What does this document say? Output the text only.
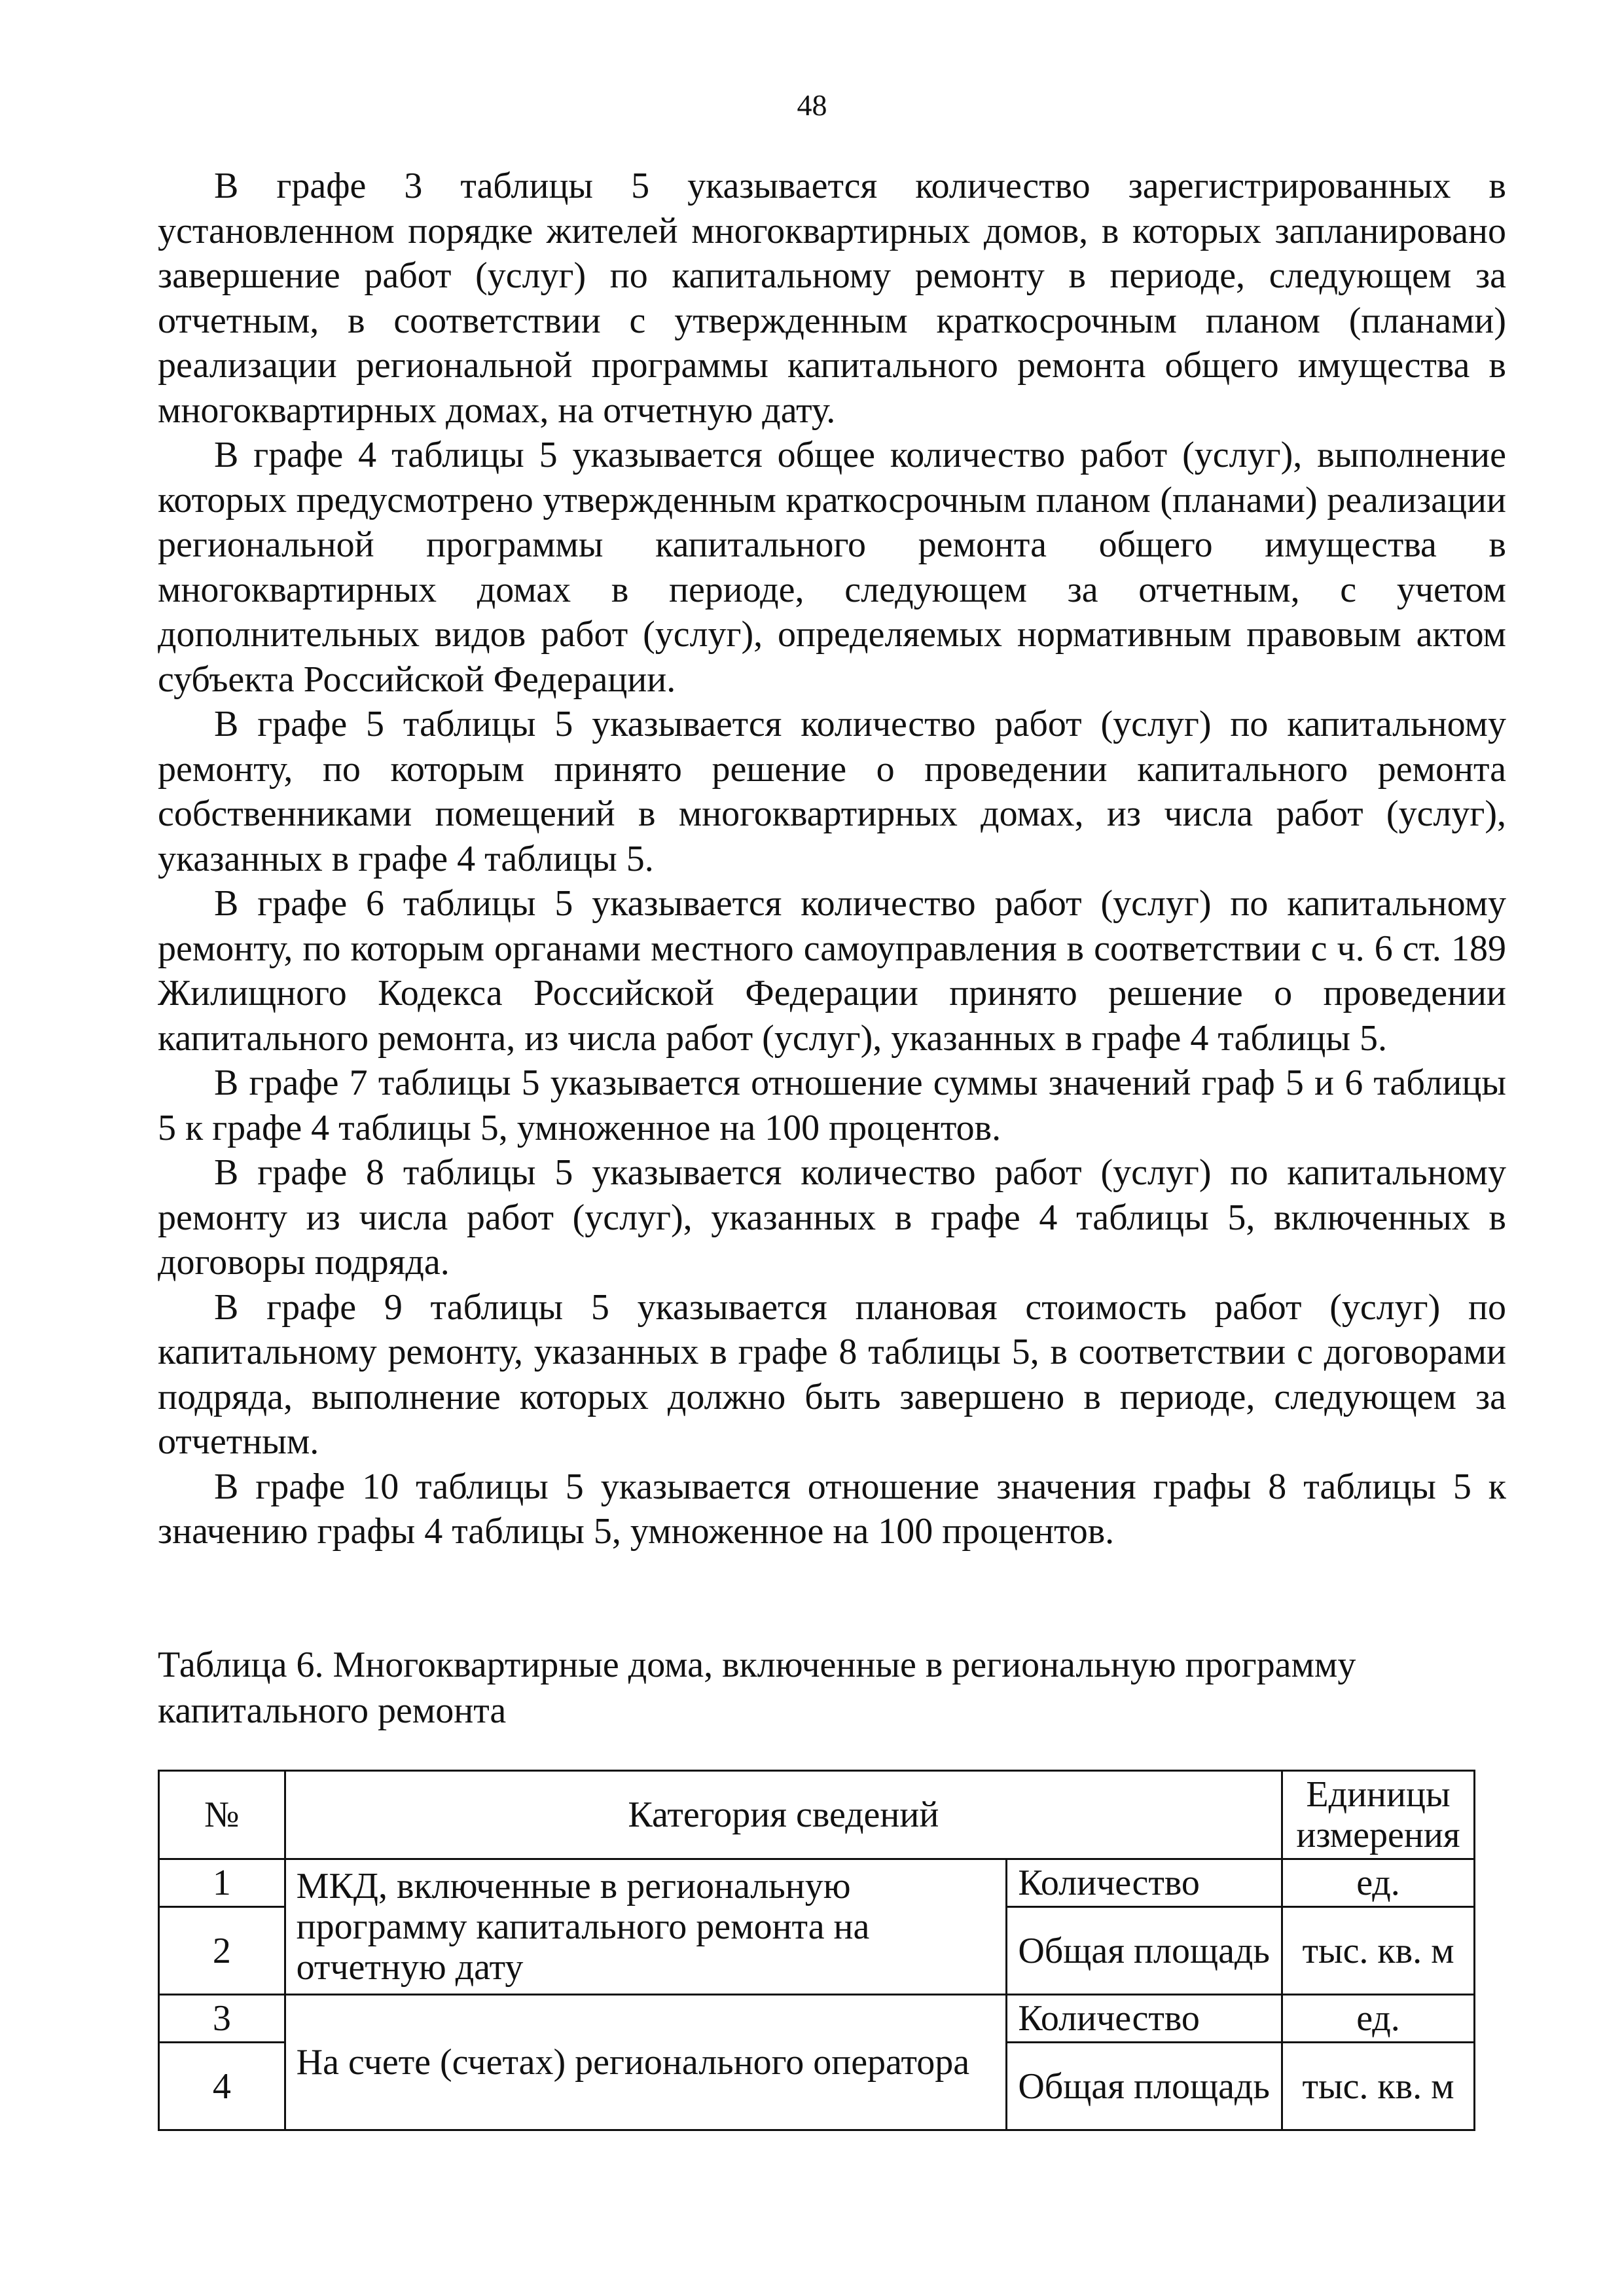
48

В графе 3 таблицы 5 указывается количество зарегистрированных в установленном порядке жителей многоквартирных домов, в которых запланировано завершение работ (услуг) по капитальному ремонту в периоде, следующем за отчетным, в соответствии с утвержденным краткосрочным планом (планами) реализации региональной программы капитального ремонта общего имущества в многоквартирных домах, на отчетную дату.

В графе 4 таблицы 5 указывается общее количество работ (услуг), выполнение которых предусмотрено утвержденным краткосрочным планом (планами) реализации региональной программы капитального ремонта общего имущества в многоквартирных домах в периоде, следующем за отчетным, с учетом дополнительных видов работ (услуг), определяемых нормативным правовым актом субъекта Российской Федерации.

В графе 5 таблицы 5 указывается количество работ (услуг) по капитальному ремонту, по которым принято решение о проведении капитального ремонта собственниками помещений в многоквартирных домах, из числа работ (услуг), указанных в графе 4 таблицы 5.

В графе 6 таблицы 5 указывается количество работ (услуг) по капитальному ремонту, по которым органами местного самоуправления в соответствии с ч. 6 ст. 189 Жилищного Кодекса Российской Федерации принято решение о проведении капитального ремонта, из числа работ (услуг), указанных в графе 4 таблицы 5.

В графе 7 таблицы 5 указывается отношение суммы значений граф 5 и 6 таблицы 5 к графе 4 таблицы 5, умноженное на 100 процентов.

В графе 8 таблицы 5 указывается количество работ (услуг) по капитальному ремонту из числа работ (услуг), указанных в графе 4 таблицы 5, включенных в договоры подряда.

В графе 9 таблицы 5 указывается плановая стоимость работ (услуг) по капитальному ремонту, указанных в графе 8 таблицы 5, в соответствии с договорами подряда, выполнение которых должно быть завершено в периоде, следующем за отчетным.

В графе 10 таблицы 5 указывается отношение значения графы 8 таблицы 5 к значению графы 4 таблицы 5, умноженное на 100 процентов.

Таблица 6. Многоквартирные дома, включенные в региональную программу капитального ремонта

№	Категория сведений		Единицы измерения
1	МКД, включенные в региональную программу капитального ремонта на отчетную дату	Количество	ед.
2		Общая площадь	тыс. кв. м
3	На счете (счетах) регионального оператора	Количество	ед.
4		Общая площадь	тыс. кв. м
